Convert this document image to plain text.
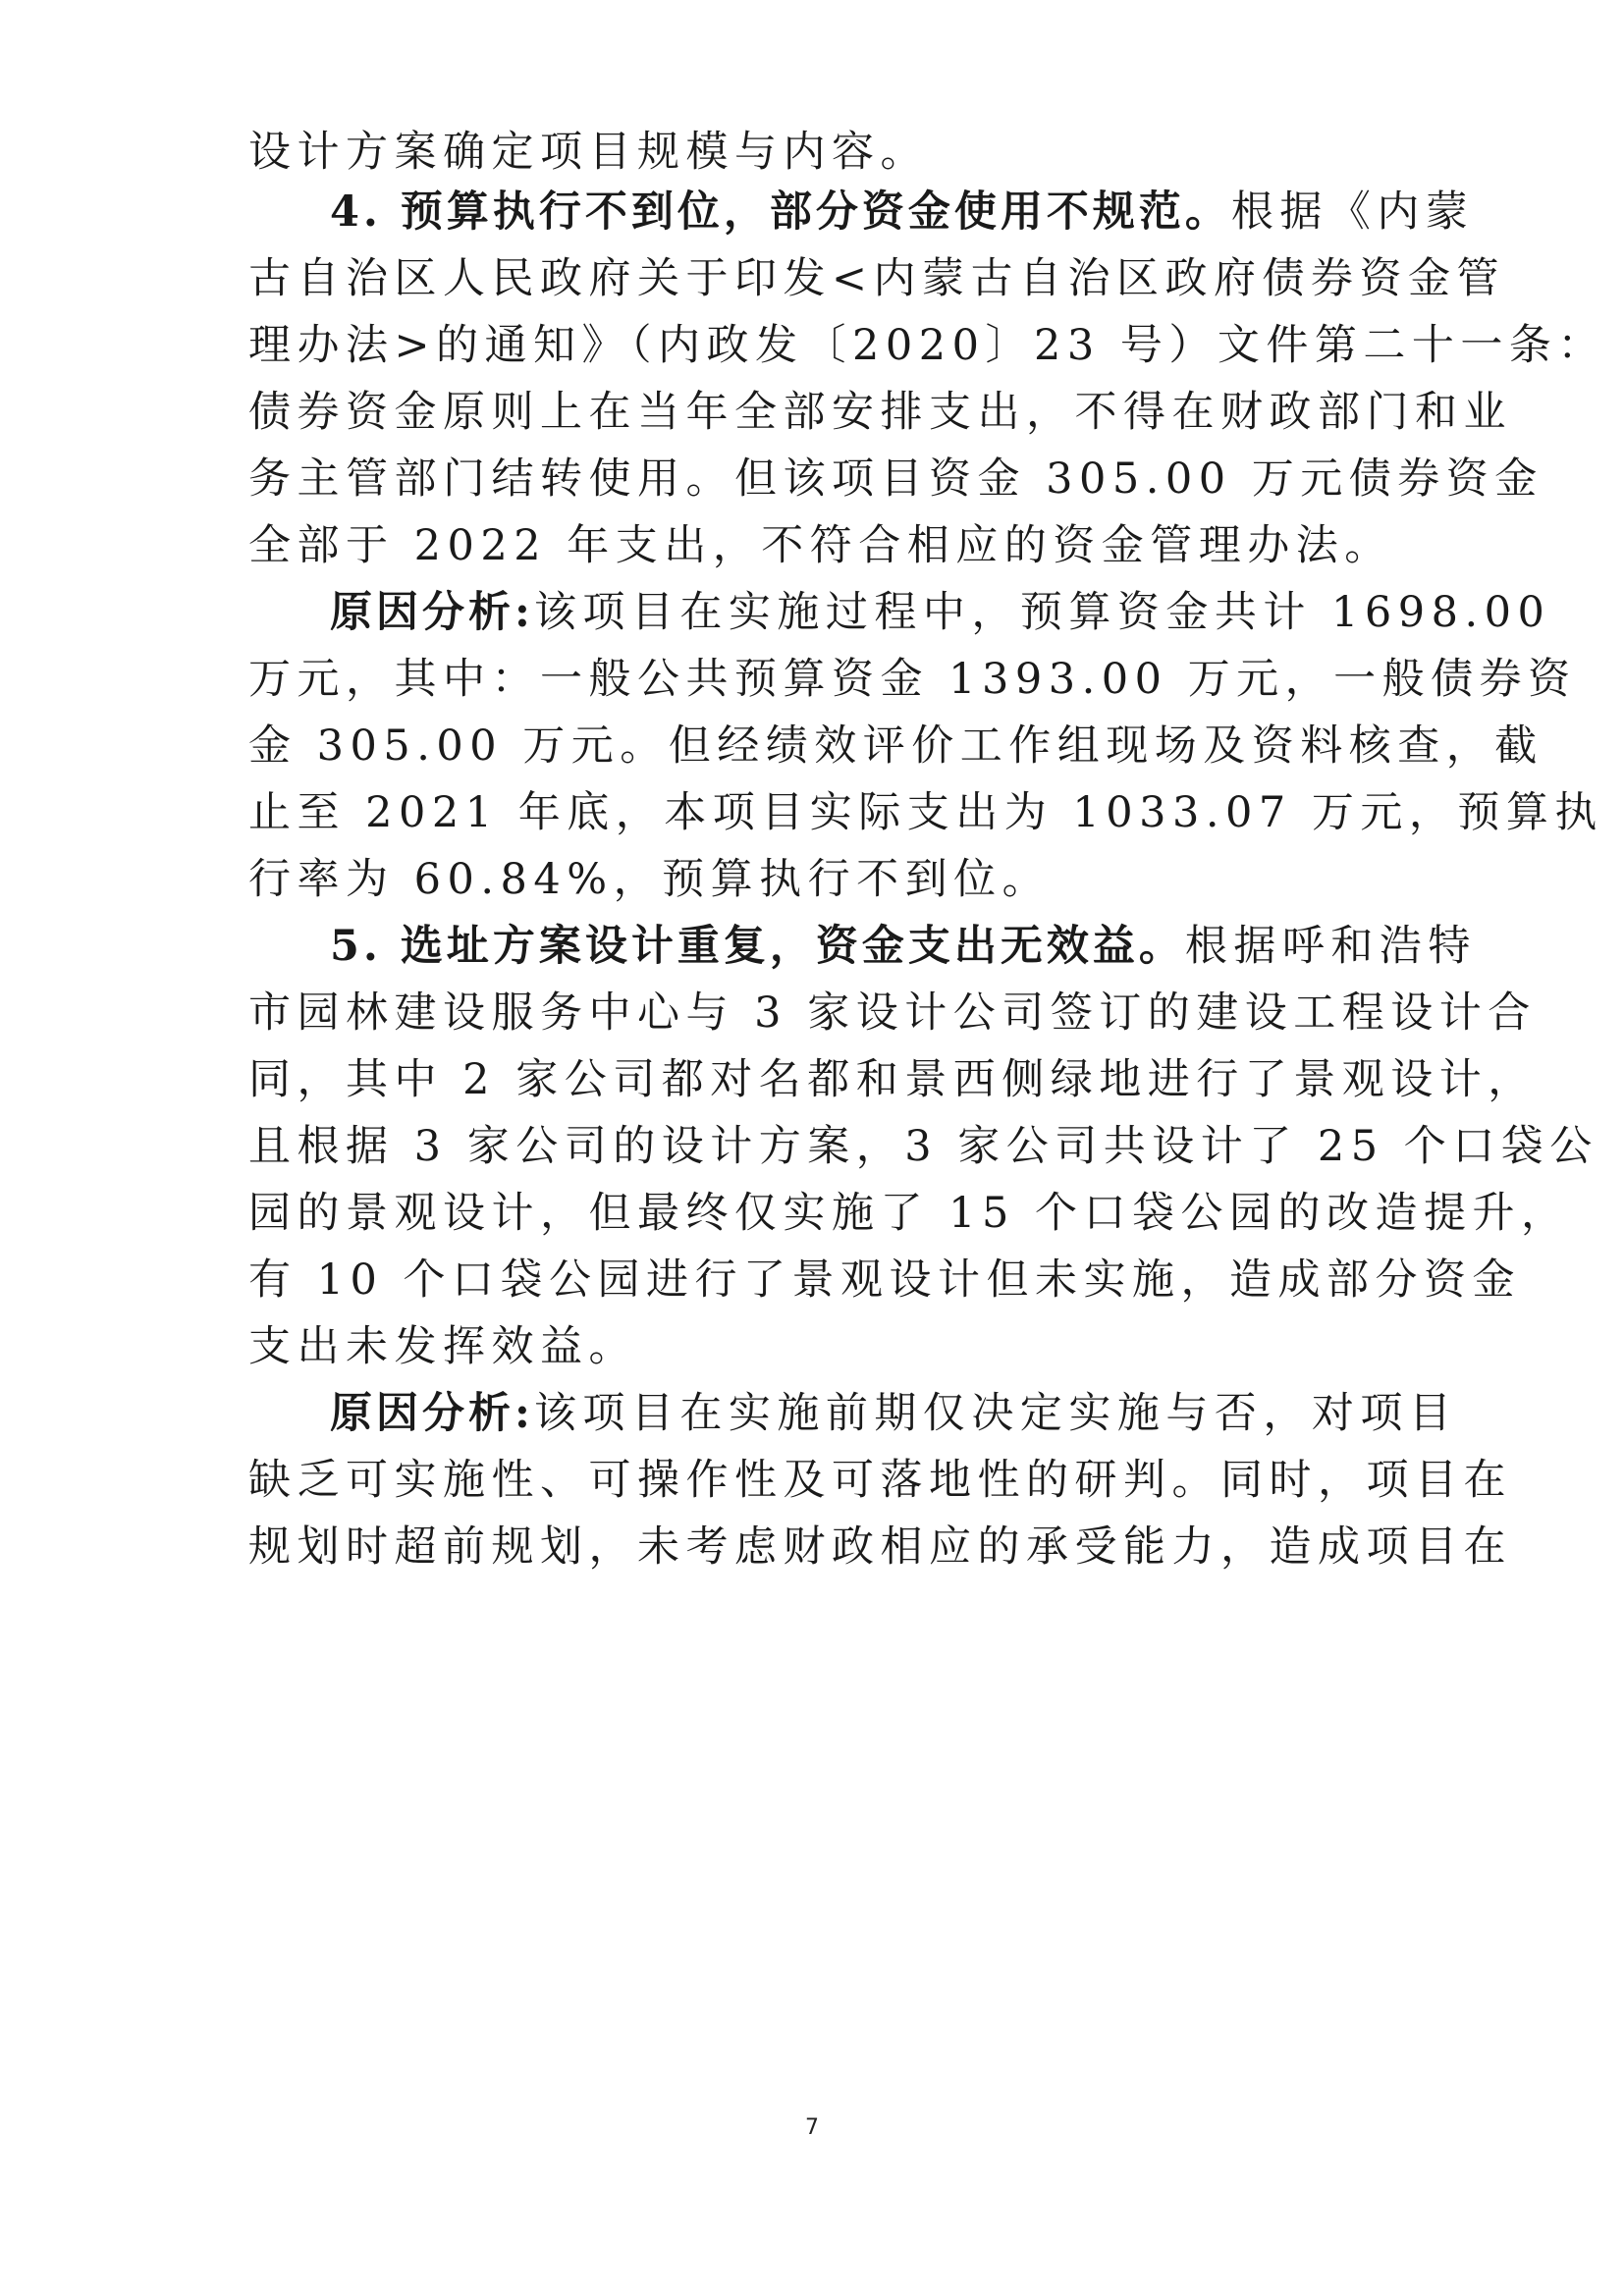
设计方案确定项目规模与内容。
4. 预算执行不到位，部分资金使用不规范。根据《内蒙
古自治区人民政府关于印发<内蒙古自治区政府债券资金管
理办法>的通知》（内政发〔2020〕23 号）文件第二十一条：
债券资金原则上在当年全部安排支出，不得在财政部门和业
务主管部门结转使用。但该项目资金 305.00 万元债券资金
全部于 2022 年支出，不符合相应的资金管理办法。
原因分析:该项目在实施过程中，预算资金共计 1698.00
万元，其中：一般公共预算资金 1393.00 万元，一般债券资
金 305.00 万元。但经绩效评价工作组现场及资料核查，截
止至 2021 年底，本项目实际支出为 1033.07 万元，预算执
行率为 60.84%，预算执行不到位。
5. 选址方案设计重复，资金支出无效益。根据呼和浩特
市园林建设服务中心与 3 家设计公司签订的建设工程设计合
同，其中 2 家公司都对名都和景西侧绿地进行了景观设计，
且根据 3 家公司的设计方案，3 家公司共设计了 25 个口袋公
园的景观设计，但最终仅实施了 15 个口袋公园的改造提升，
有 10 个口袋公园进行了景观设计但未实施，造成部分资金
支出未发挥效益。
原因分析:该项目在实施前期仅决定实施与否，对项目
缺乏可实施性、可操作性及可落地性的研判。同时，项目在
规划时超前规划，未考虑财政相应的承受能力，造成项目在
7
